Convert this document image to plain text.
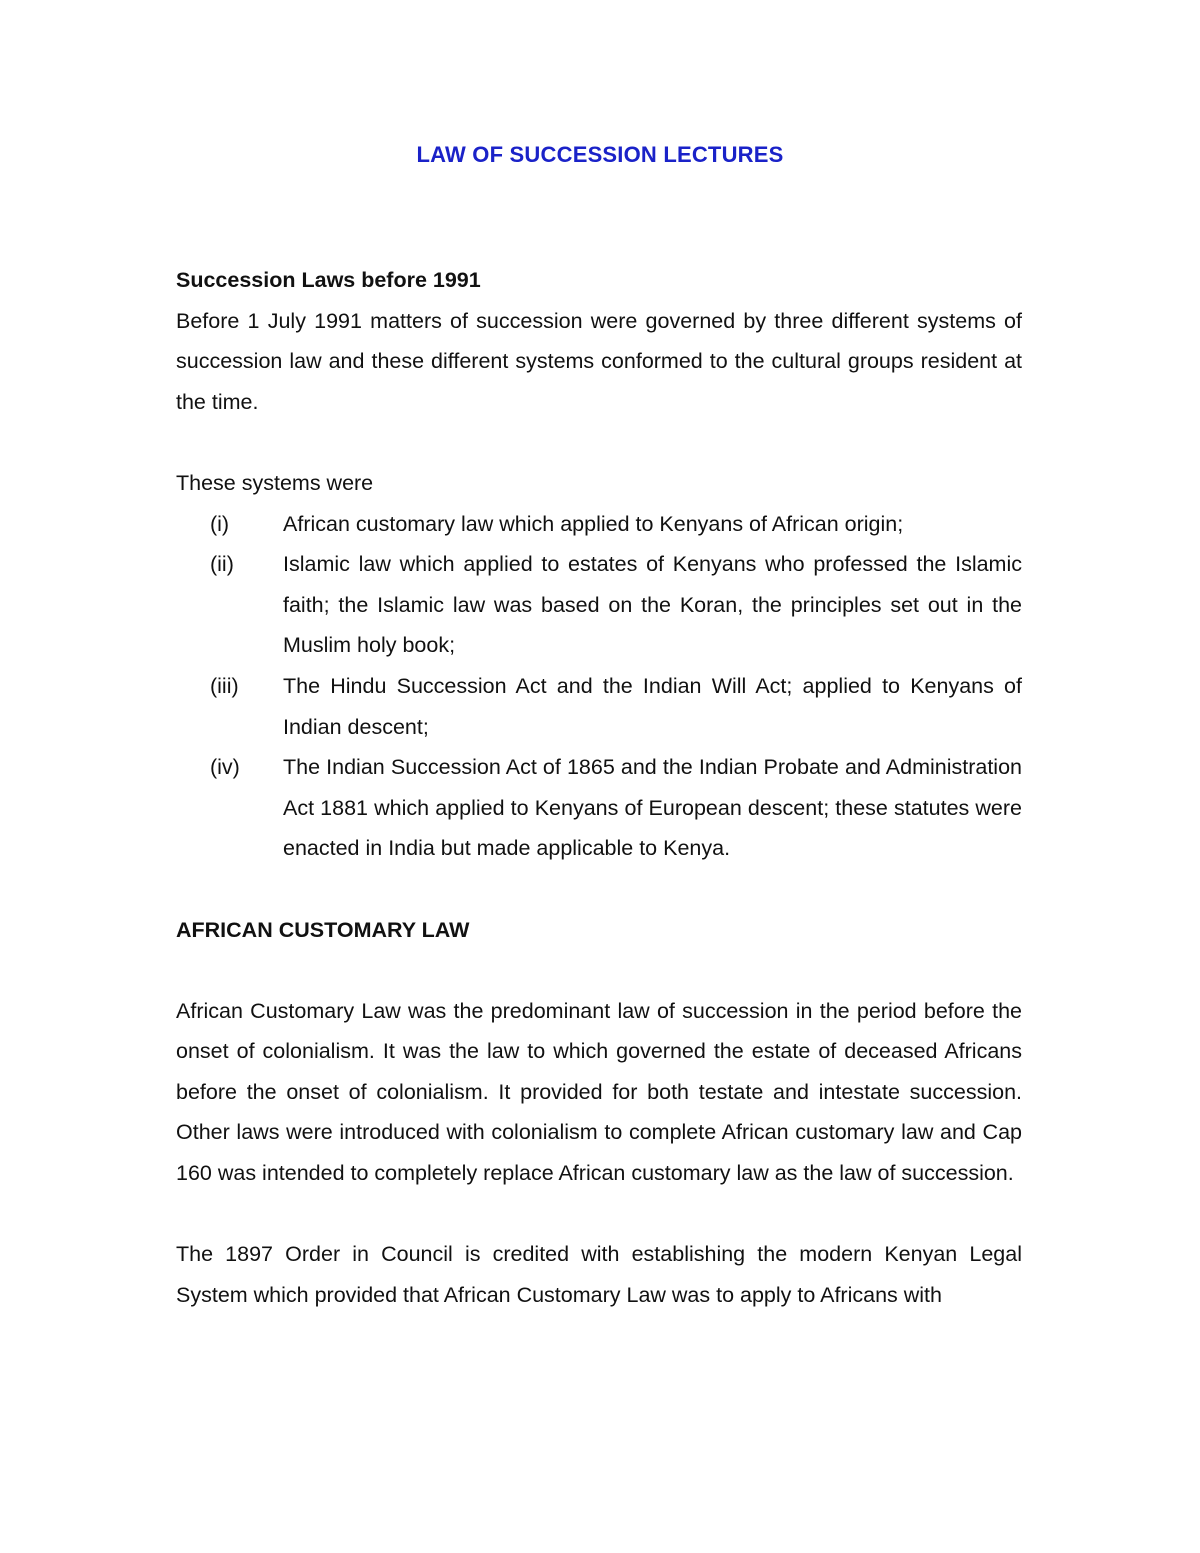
LAW OF SUCCESSION LECTURES

Succession Laws before 1991

Before 1 July 1991 matters of succession were governed by three different systems of succession law and these different systems conformed to the cultural groups resident at the time.

These systems were

(i)	African customary law which applied to Kenyans of African origin;
(ii)	Islamic law which applied to estates of Kenyans who professed the Islamic faith; the Islamic law was based on the Koran, the principles set out in the Muslim holy book;
(iii)	The Hindu Succession Act and the Indian Will Act; applied to Kenyans of Indian descent;
(iv)	The Indian Succession Act of 1865 and the Indian Probate and Administration Act 1881 which applied to Kenyans of European descent; these statutes were enacted in India but made applicable to Kenya.

AFRICAN CUSTOMARY LAW

African Customary Law was the predominant law of succession in the period before the onset of colonialism. It was the law to which governed the estate of deceased Africans before the onset of colonialism. It provided for both testate and intestate succession. Other laws were introduced with colonialism to complete African customary law and Cap 160 was intended to completely replace African customary law as the law of succession.

The 1897 Order in Council is credited with establishing the modern Kenyan Legal System which provided that African Customary Law was to apply to Africans with
